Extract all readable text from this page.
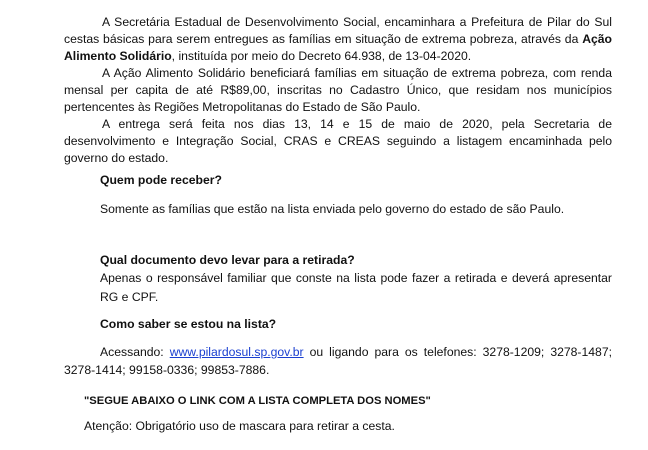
A Secretária Estadual de Desenvolvimento Social, encaminhara a Prefeitura de Pilar do Sul cestas básicas para serem entregues as famílias em situação de extrema pobreza, através da Ação Alimento Solidário, instituída por meio do Decreto 64.938, de 13-04-2020.

A Ação Alimento Solidário beneficiará famílias em situação de extrema pobreza, com renda mensal per capita de até R$89,00, inscritas no Cadastro Único, que residam nos municípios pertencentes às Regiões Metropolitanas do Estado de São Paulo.

A entrega será feita nos dias 13, 14 e 15 de maio de 2020, pela Secretaria de desenvolvimento e Integração Social, CRAS e CREAS seguindo a listagem encaminhada pelo governo do estado.

Quem pode receber?

Somente as famílias que estão na lista enviada pelo governo do estado de são Paulo.

Qual documento devo levar para a retirada?

Apenas o responsável familiar que conste na lista pode fazer a retirada e deverá apresentar RG e CPF.

Como saber se estou na lista?

Acessando: www.pilardosul.sp.gov.br ou ligando para os telefones: 3278-1209; 3278-1487; 3278-1414; 99158-0336; 99853-7886.

"SEGUE ABAIXO O LINK COM A LISTA COMPLETA DOS NOMES"

Atenção: Obrigatório uso de mascara para retirar a cesta.
